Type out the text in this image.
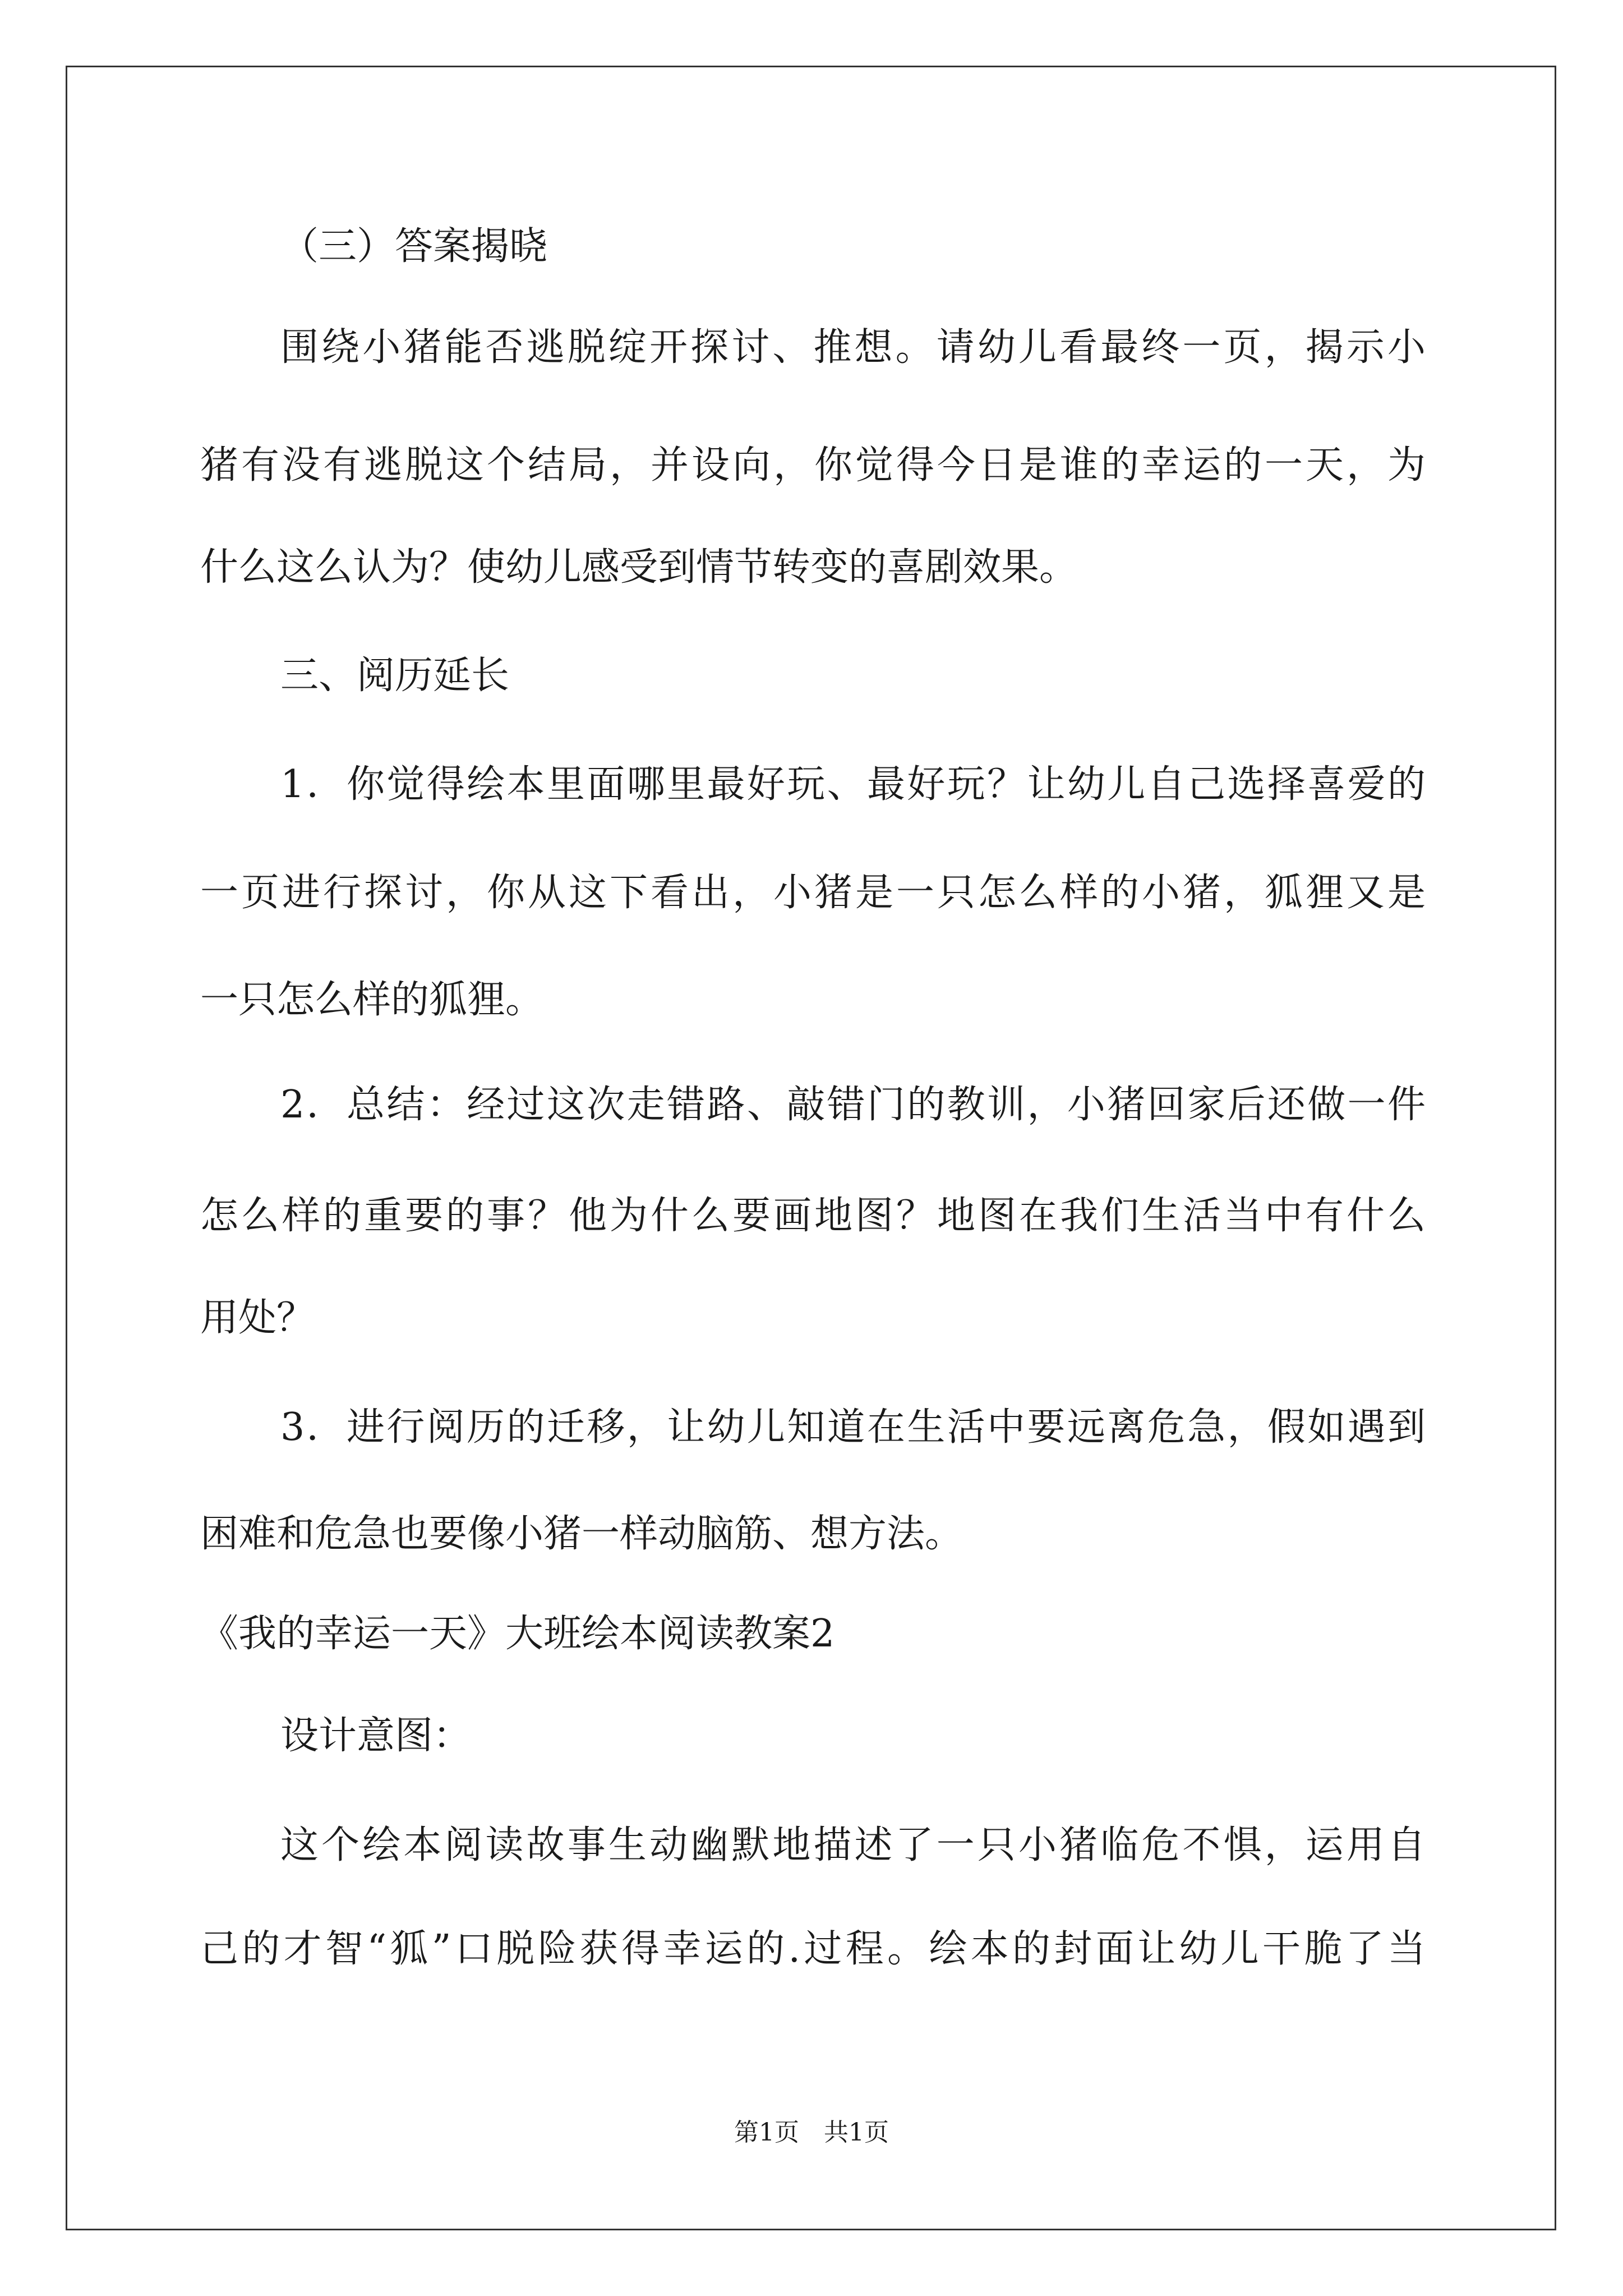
（三）答案揭晓
围绕小猪能否逃脱绽开探讨、推想。请幼儿看最终一页，揭示小
猪有没有逃脱这个结局，并设向，你觉得今日是谁的幸运的一天，为
什么这么认为？使幼儿感受到情节转变的喜剧效果。
三、阅历延长
1．你觉得绘本里面哪里最好玩、最好玩？让幼儿自己选择喜爱的
一页进行探讨，你从这下看出，小猪是一只怎么样的小猪，狐狸又是
一只怎么样的狐狸。
2．总结：经过这次走错路、敲错门的教训，小猪回家后还做一件
怎么样的重要的事？他为什么要画地图？地图在我们生活当中有什么
用处？
3．进行阅历的迁移，让幼儿知道在生活中要远离危急，假如遇到
困难和危急也要像小猪一样动脑筋、想方法。
《我的幸运一天》大班绘本阅读教案2
设计意图：
这个绘本阅读故事生动幽默地描述了一只小猪临危不惧，运用自
己的才智“狐”口脱险获得幸运的.过程。绘本的封面让幼儿干脆了当
第1页　共1页
